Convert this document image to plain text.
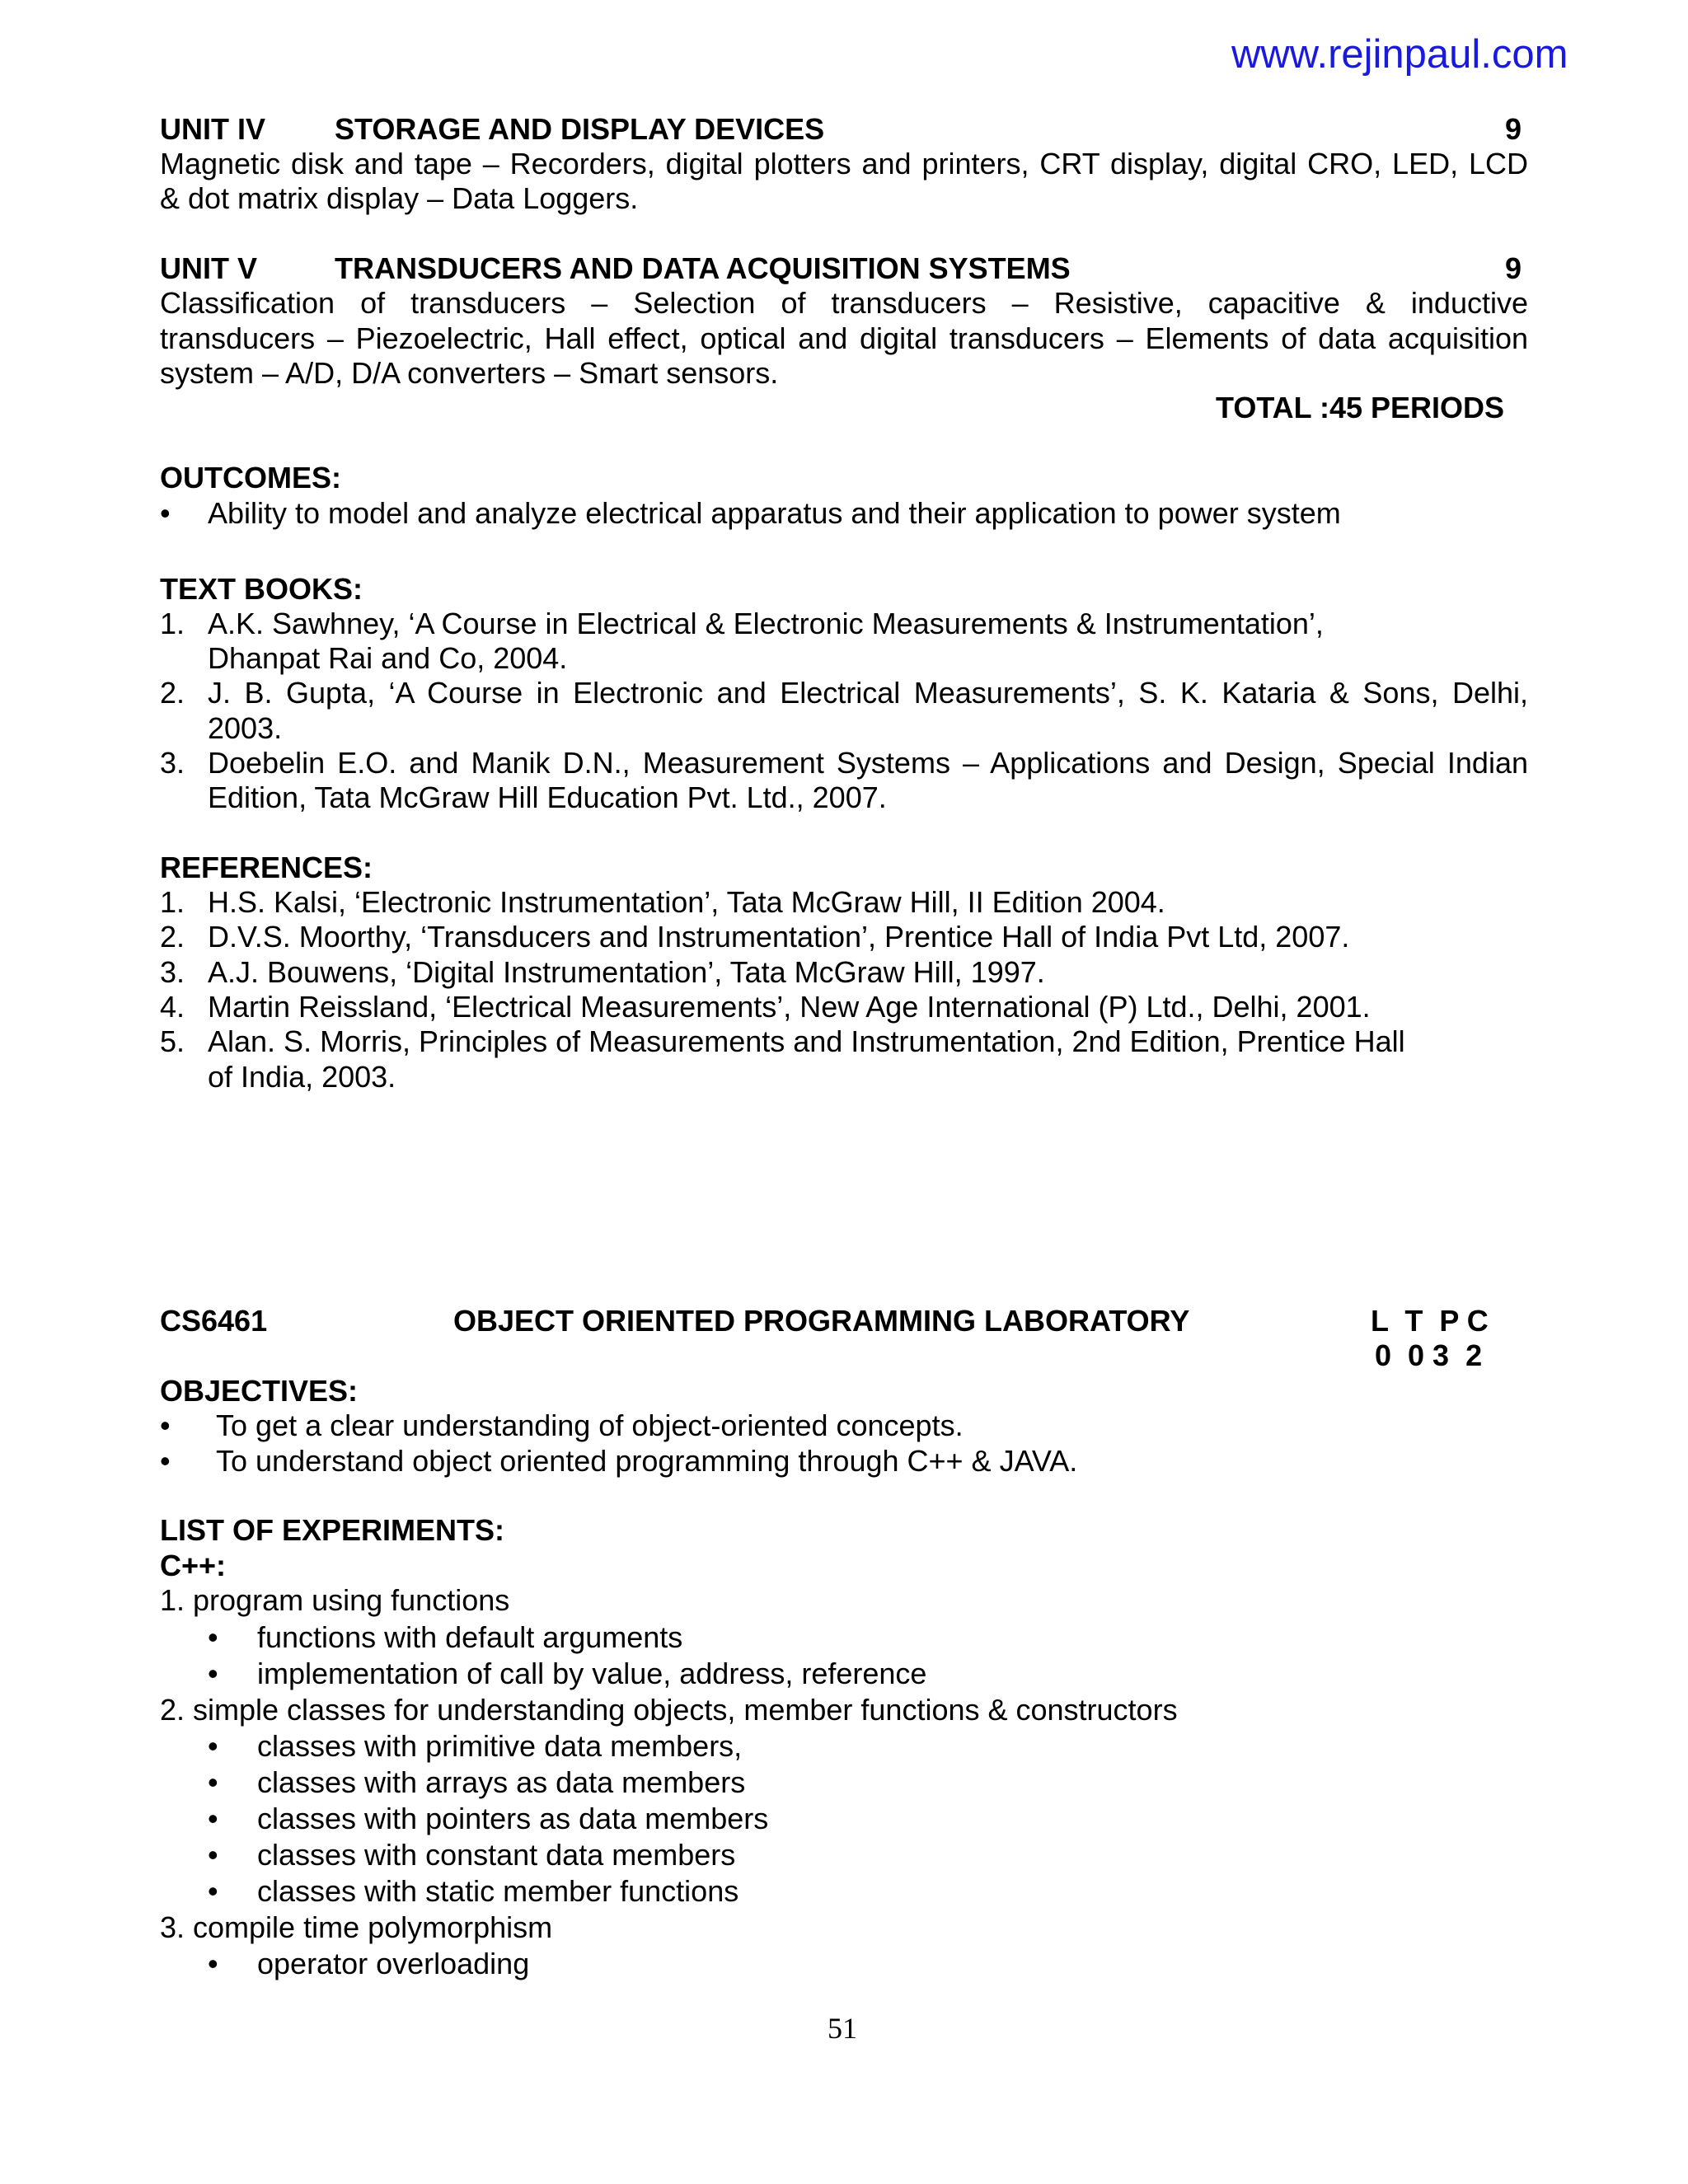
www.rejinpaul.com
UNIT IV STORAGE AND DISPLAY DEVICES	9
Magnetic disk and tape – Recorders, digital plotters and printers, CRT display, digital CRO, LED, LCD
& dot matrix display – Data Loggers.
UNIT V	TRANSDUCERS AND DATA ACQUISITION SYSTEMS	9
Classification of transducers – Selection of transducers – Resistive, capacitive & inductive
transducers – Piezoelectric, Hall effect, optical and digital transducers – Elements of data acquisition
system – A/D, D/A converters – Smart sensors.
TOTAL :45 PERIODS
OUTCOMES:
• Ability to model and analyze electrical apparatus and their application to power system
TEXT BOOKS:
1. A.K. Sawhney, ‘A Course in Electrical & Electronic Measurements & Instrumentation’,
Dhanpat Rai and Co, 2004.
2. J. B. Gupta, ‘A Course in Electronic and Electrical Measurements’, S. K. Kataria & Sons, Delhi,
2003.
3. Doebelin E.O. and Manik D.N., Measurement Systems – Applications and Design, Special Indian
Edition, Tata McGraw Hill Education Pvt. Ltd., 2007.
REFERENCES:
1. H.S. Kalsi, ‘Electronic Instrumentation’, Tata McGraw Hill, II Edition 2004.
2. D.V.S. Moorthy, ‘Transducers and Instrumentation’, Prentice Hall of India Pvt Ltd, 2007.
3. A.J. Bouwens, ‘Digital Instrumentation’, Tata McGraw Hill, 1997.
4. Martin Reissland, ‘Electrical Measurements’, New Age International (P) Ltd., Delhi, 2001.
5. Alan. S. Morris, Principles of Measurements and Instrumentation, 2nd Edition, Prentice Hall
of India, 2003.
CS6461	OBJECT ORIENTED PROGRAMMING LABORATORY	L  T  P C
0  0 3  2
OBJECTIVES:
• To get a clear understanding of object-oriented concepts.
• To understand object oriented programming through C++ & JAVA.
LIST OF EXPERIMENTS:
C++:
1. program using functions
• functions with default arguments
• implementation of call by value, address, reference
2. simple classes for understanding objects, member functions & constructors
• classes with primitive data members,
• classes with arrays as data members
• classes with pointers as data members
• classes with constant data members
• classes with static member functions
3. compile time polymorphism
• operator overloading
51
